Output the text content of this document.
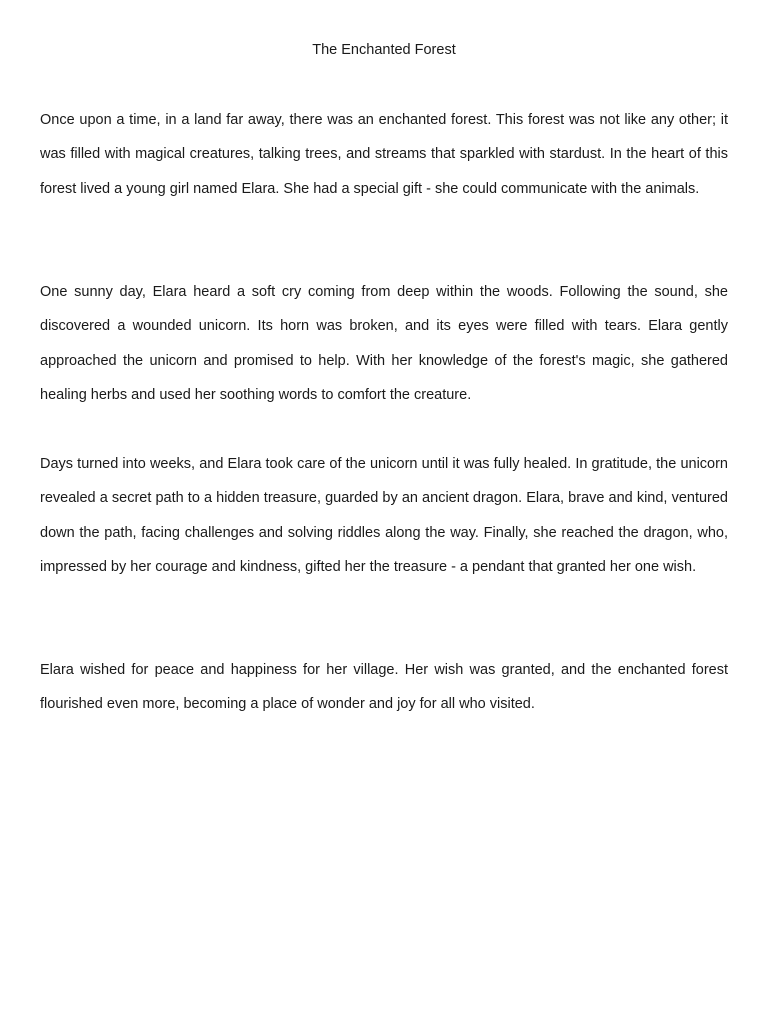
The Enchanted Forest

Once upon a time, in a land far away, there was an enchanted forest. This forest was not like any other; it was filled with magical creatures, talking trees, and streams that sparkled with stardust. In the heart of this forest lived a young girl named Elara. She had a special gift - she could communicate with the animals.

One sunny day, Elara heard a soft cry coming from deep within the woods. Following the sound, she discovered a wounded unicorn. Its horn was broken, and its eyes were filled with tears. Elara gently approached the unicorn and promised to help. With her knowledge of the forest's magic, she gathered healing herbs and used her soothing words to comfort the creature.

Days turned into weeks, and Elara took care of the unicorn until it was fully healed. In gratitude, the unicorn revealed a secret path to a hidden treasure, guarded by an ancient dragon. Elara, brave and kind, ventured down the path, facing challenges and solving riddles along the way. Finally, she reached the dragon, who, impressed by her courage and kindness, gifted her the treasure - a pendant that granted her one wish.

Elara wished for peace and happiness for her village. Her wish was granted, and the enchanted forest flourished even more, becoming a place of wonder and joy for all who visited.
